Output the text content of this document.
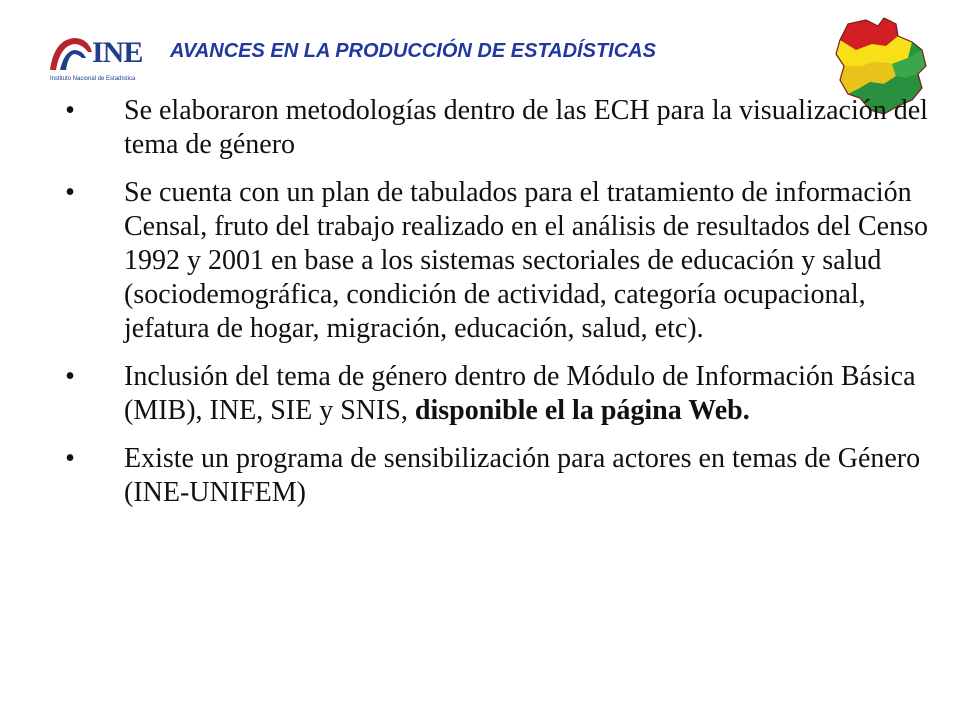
INE
Instituto Nacional de Estadística
AVANCES EN LA PRODUCCIÓN DE ESTADÍSTICAS
• Se elaboraron metodologías dentro de las ECH para la visualización del tema de género
• Se cuenta con un plan de tabulados para el tratamiento de información Censal, fruto del trabajo realizado en el análisis de resultados del Censo 1992 y 2001 en base a los sistemas sectoriales de educación y salud (sociodemográfica, condición de actividad, categoría ocupacional, jefatura de hogar, migración, educación, salud, etc).
• Inclusión del tema de género dentro de Módulo de Información Básica (MIB), INE, SIE y SNIS, disponible el la página Web.
• Existe un programa de sensibilización para actores en temas de Género (INE-UNIFEM)
